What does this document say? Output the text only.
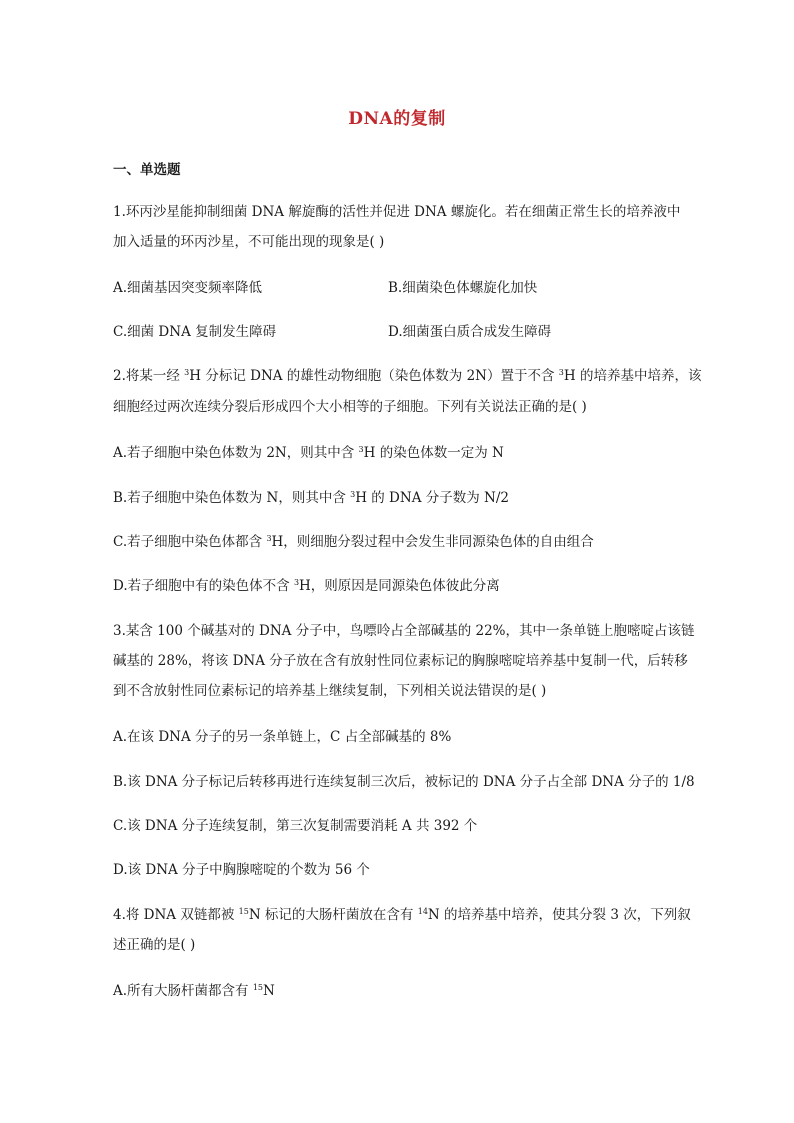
DNA的复制
一、单选题
1.环丙沙星能抑制细菌 DNA 解旋酶的活性并促进 DNA 螺旋化。若在细菌正常生长的培养液中
加入适量的环丙沙星，不可能出现的现象是( )
A.细菌基因突变频率降低	B.细菌染色体螺旋化加快
C.细菌 DNA 复制发生障碍	D.细菌蛋白质合成发生障碍
2.将某一经 $^3$H 分标记 DNA 的雄性动物细胞（染色体数为 2N）置于不含 $^3$H 的培养基中培养，该
细胞经过两次连续分裂后形成四个大小相等的子细胞。下列有关说法正确的是( )
A.若子细胞中染色体数为 2N，则其中含 $^3$H 的染色体数一定为 N
B.若子细胞中染色体数为 N，则其中含 $^3$H 的 DNA 分子数为 N/2
C.若子细胞中染色体都含 $^3$H，则细胞分裂过程中会发生非同源染色体的自由组合
D.若子细胞中有的染色体不含 $^3$H，则原因是同源染色体彼此分离
3.某含 100 个碱基对的 DNA 分子中，鸟嘌呤占全部碱基的 22%，其中一条单链上胞嘧啶占该链
碱基的 28%，将该 DNA 分子放在含有放射性同位素标记的胸腺嘧啶培养基中复制一代，后转移
到不含放射性同位素标记的培养基上继续复制，下列相关说法错误的是( )
A.在该 DNA 分子的另一条单链上，C 占全部碱基的 8%
B.该 DNA 分子标记后转移再进行连续复制三次后，被标记的 DNA 分子占全部 DNA 分子的 1/8
C.该 DNA 分子连续复制，第三次复制需要消耗 A 共 392 个
D.该 DNA 分子中胸腺嘧啶的个数为 56 个
4.将 DNA 双链都被 $^{15}$N 标记的大肠杆菌放在含有 $^{14}$N 的培养基中培养，使其分裂 3 次，下列叙
述正确的是( )
A.所有大肠杆菌都含有 $^{15}$N
